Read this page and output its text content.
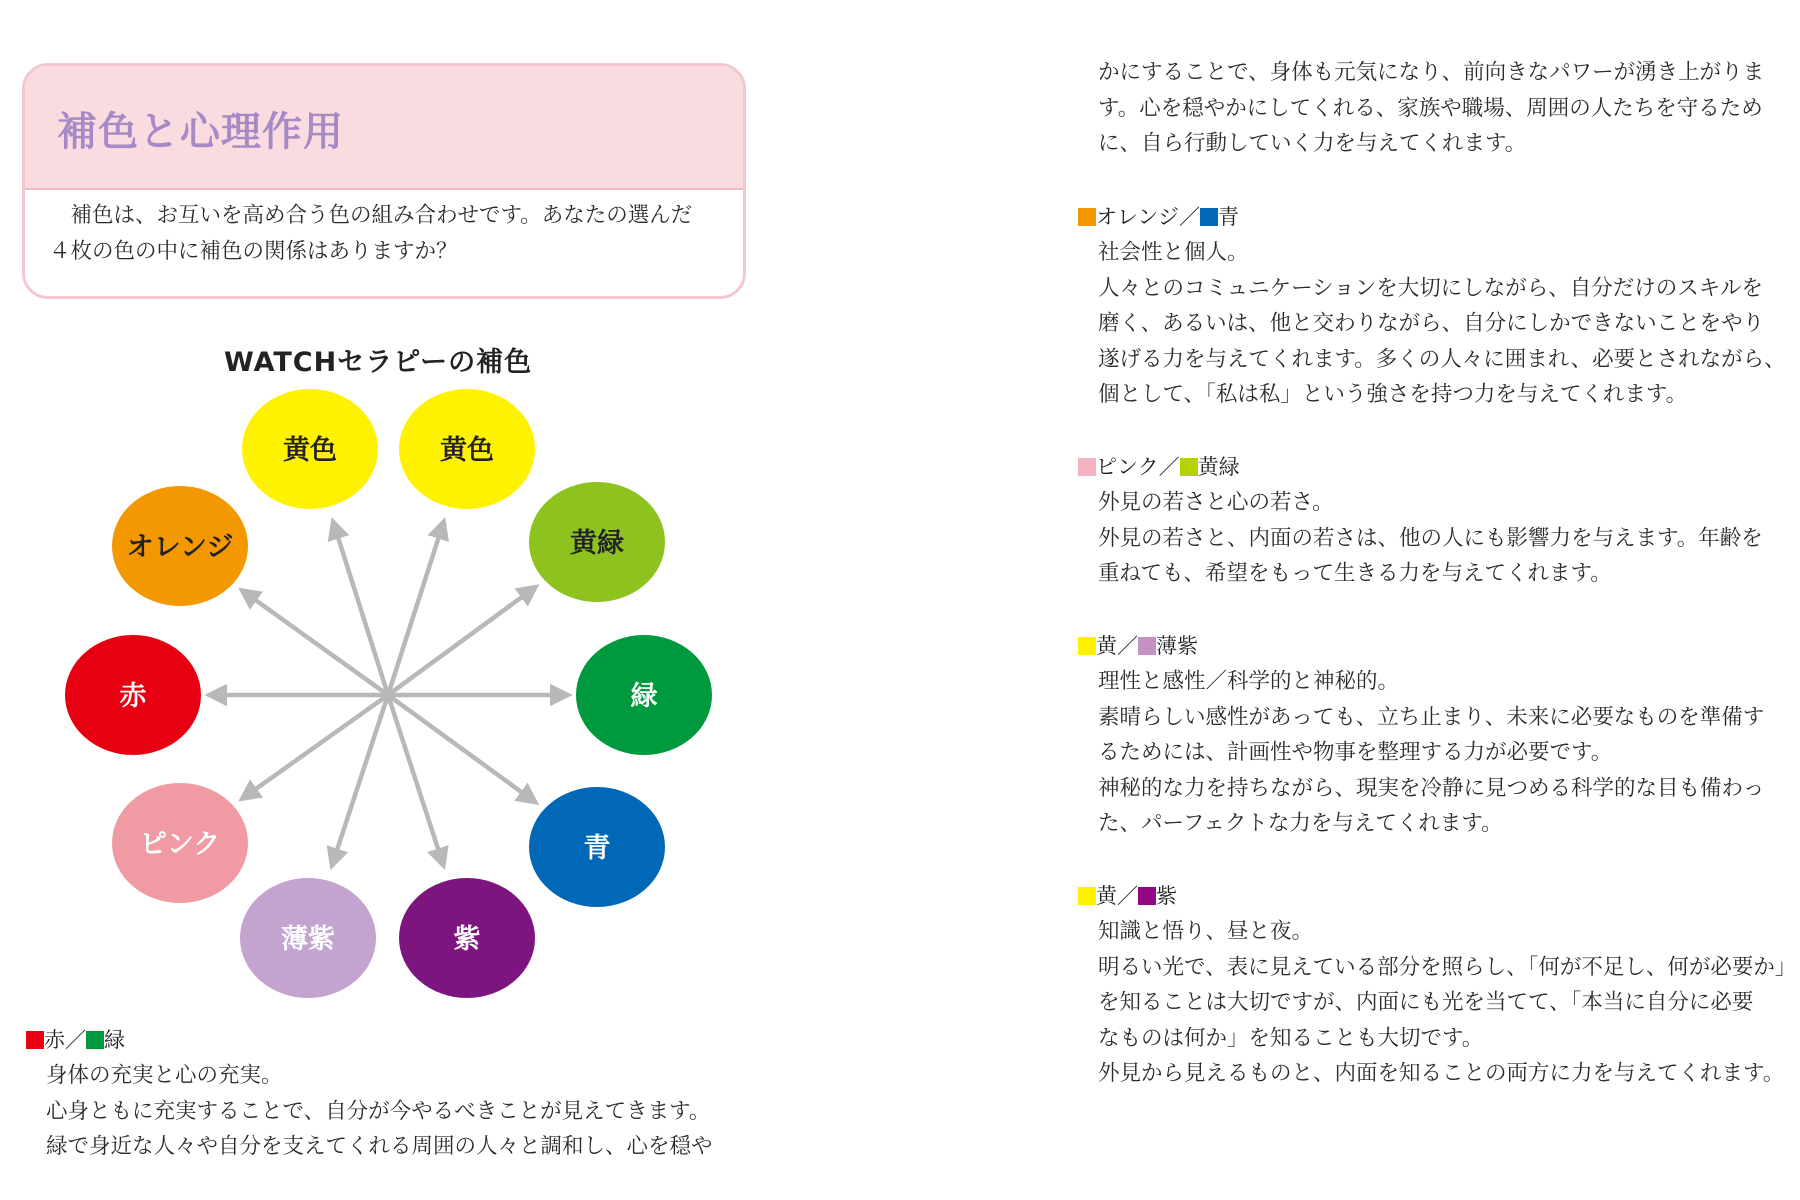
補色と心理作用
　補色は、お互いを高め合う色の組み合わせです。あなたの選んだ
４枚の色の中に補色の関係はありますか？
WATCHセラピーの補色
黄色	黄色
黄緑
緑
青
紫
薄紫
ピンク
赤
オレンジ
赤／ 緑
身体の充実と心の充実。
心身ともに充実することで、自分が今やるべきことが見えてきます。
緑で身近な人々や自分を支えてくれる周囲の人々と調和し、心を穏や
かにすることで、身体も元気になり、前向きなパワーが湧き上がりま
す。心を穏やかにしてくれる、家族や職場、周囲の人たちを守るため
に、自ら行動していく力を与えてくれます。
オレンジ／ 青
社会性と個人。
人々とのコミュニケーションを大切にしながら、自分だけのスキルを
磨く、あるいは、他と交わりながら、自分にしかできないことをやり
遂げる力を与えてくれます。多くの人々に囲まれ、必要とされながら、
個として、「私は私」という強さを持つ力を与えてくれます。
ピンク／ 黄緑
外見の若さと心の若さ。
外見の若さと、内面の若さは、他の人にも影響力を与えます。年齢を
重ねても、希望をもって生きる力を与えてくれます。
黄／ 薄紫
理性と感性／科学的と神秘的。
素晴らしい感性があっても、立ち止まり、未来に必要なものを準備す
るためには、計画性や物事を整理する力が必要です。
神秘的な力を持ちながら、現実を冷静に見つめる科学的な目も備わっ
た、パーフェクトな力を与えてくれます。
黄／ 紫
知識と悟り、昼と夜。
明るい光で、表に見えている部分を照らし、「何が不足し、何が必要か」
を知ることは大切ですが、内面にも光を当てて、「本当に自分に必要
なものは何か」を知ることも大切です。
外見から見えるものと、内面を知ることの両方に力を与えてくれます。
